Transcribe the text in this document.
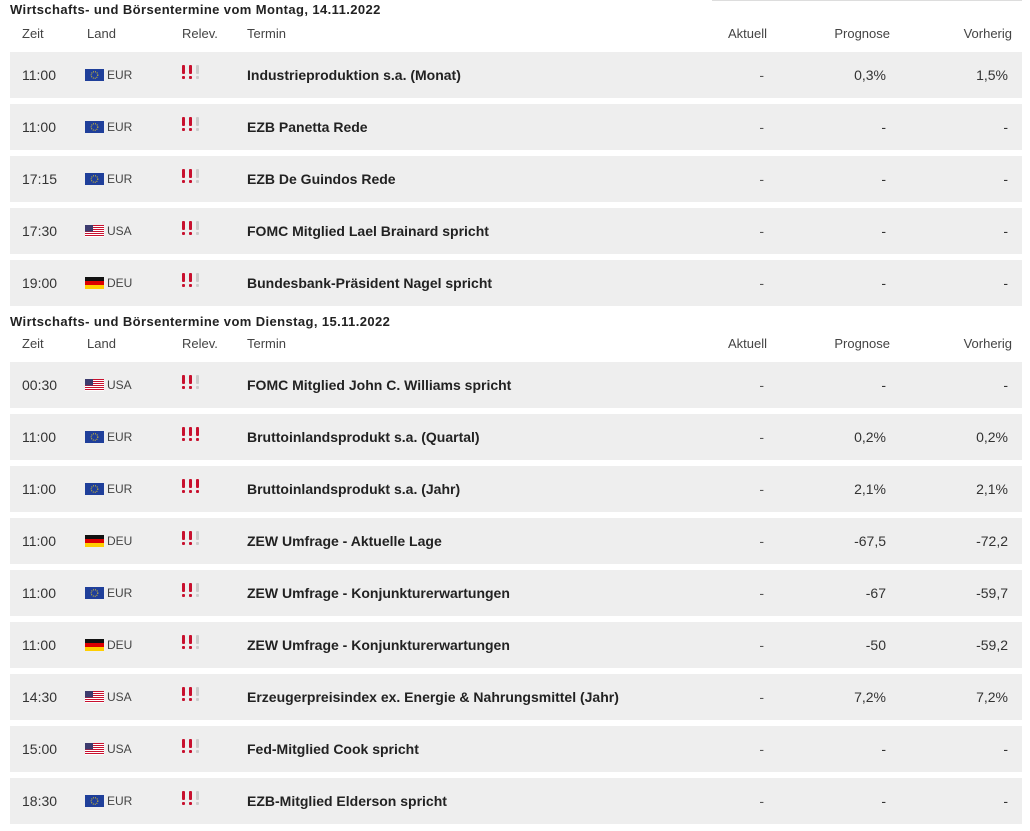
Wirtschafts- und Börsentermine vom Montag, 14.11.2022
Zeit	Land	Relev. Termin	Aktuell	Prognose	Vorherig
11:00	EUR	Industrieproduktion s.a. (Monat)	-	0,3%	1,5%
11:00	EUR	EZB Panetta Rede	-	-	-
17:15	EUR	EZB De Guindos Rede	-	-	-
17:30	USA	FOMC Mitglied Lael Brainard spricht	-	-	-
19:00	DEU	Bundesbank-Präsident Nagel spricht	-	-	-
Wirtschafts- und Börsentermine vom Dienstag, 15.11.2022
Zeit	Land	Relev. Termin	Aktuell	Prognose	Vorherig
00:30	USA	FOMC Mitglied John C. Williams spricht	-	-	-
11:00	EUR	Bruttoinlandsprodukt s.a. (Quartal)	-	0,2%	0,2%
11:00	EUR	Bruttoinlandsprodukt s.a. (Jahr)	-	2,1%	2,1%
11:00	DEU	ZEW Umfrage - Aktuelle Lage	-	-67,5	-72,2
11:00	EUR	ZEW Umfrage - Konjunkturerwartungen	-	-67	-59,7
11:00	DEU	ZEW Umfrage - Konjunkturerwartungen	-	-50	-59,2
14:30	USA	Erzeugerpreisindex ex. Energie & Nahrungsmittel (Jahr)	-	7,2%	7,2%
15:00	USA	Fed-Mitglied Cook spricht	-	-	-
18:30	EUR	EZB-Mitglied Elderson spricht	-	-	-
